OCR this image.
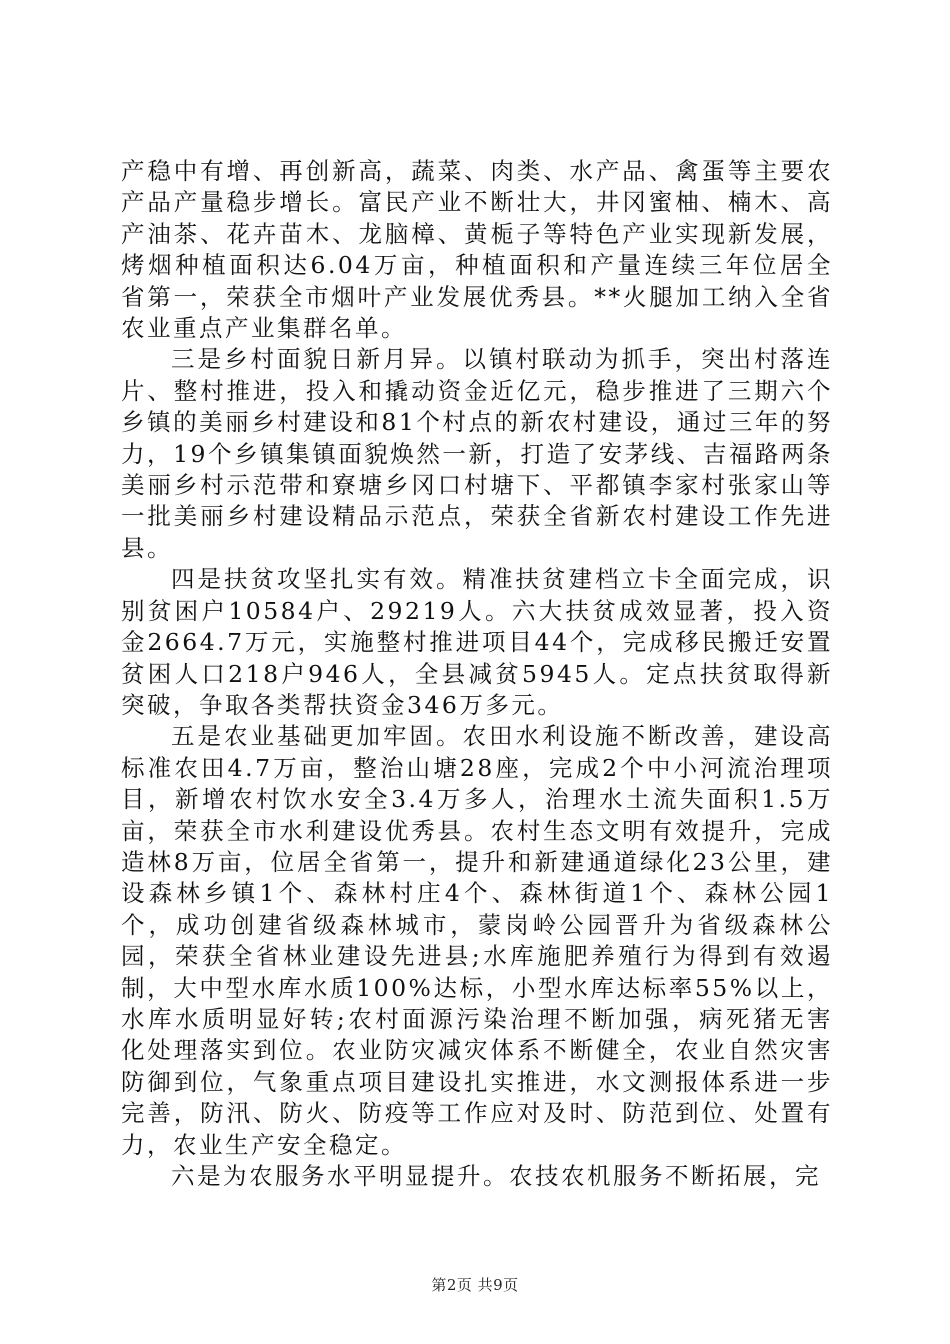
产稳中有增、再创新高，蔬菜、肉类、水产品、禽蛋等主要农产品产量稳步增长。富民产业不断壮大，井冈蜜柚、楠木、高产油茶、花卉苗木、龙脑樟、黄栀子等特色产业实现新发展，烤烟种植面积达6.04万亩，种植面积和产量连续三年位居全省第一，荣获全市烟叶产业发展优秀县。**火腿加工纳入全省农业重点产业集群名单。

三是乡村面貌日新月异。以镇村联动为抓手，突出村落连片、整村推进，投入和撬动资金近亿元，稳步推进了三期六个乡镇的美丽乡村建设和81个村点的新农村建设，通过三年的努力，19个乡镇集镇面貌焕然一新，打造了安茅线、吉福路两条美丽乡村示范带和寮塘乡冈口村塘下、平都镇李家村张家山等一批美丽乡村建设精品示范点，荣获全省新农村建设工作先进县。

四是扶贫攻坚扎实有效。精准扶贫建档立卡全面完成，识别贫困户10584户、29219人。六大扶贫成效显著，投入资金2664.7万元，实施整村推进项目44个，完成移民搬迁安置贫困人口218户946人，全县减贫5945人。定点扶贫取得新突破，争取各类帮扶资金346万多元。

五是农业基础更加牢固。农田水利设施不断改善，建设高标准农田4.7万亩，整治山塘28座，完成2个中小河流治理项目，新增农村饮水安全3.4万多人，治理水土流失面积1.5万亩，荣获全市水利建设优秀县。农村生态文明有效提升，完成造林8万亩，位居全省第一，提升和新建通道绿化23公里，建设森林乡镇1个、森林村庄4个、森林街道1个、森林公园1个，成功创建省级森林城市，蒙岗岭公园晋升为省级森林公园，荣获全省林业建设先进县;水库施肥养殖行为得到有效遏制，大中型水库水质100%达标，小型水库达标率55%以上，水库水质明显好转;农村面源污染治理不断加强，病死猪无害化处理落实到位。农业防灾减灾体系不断健全，农业自然灾害防御到位，气象重点项目建设扎实推进，水文测报体系进一步完善，防汛、防火、防疫等工作应对及时、防范到位、处置有力，农业生产安全稳定。

六是为农服务水平明显提升。农技农机服务不断拓展，完

第2页 共9页
